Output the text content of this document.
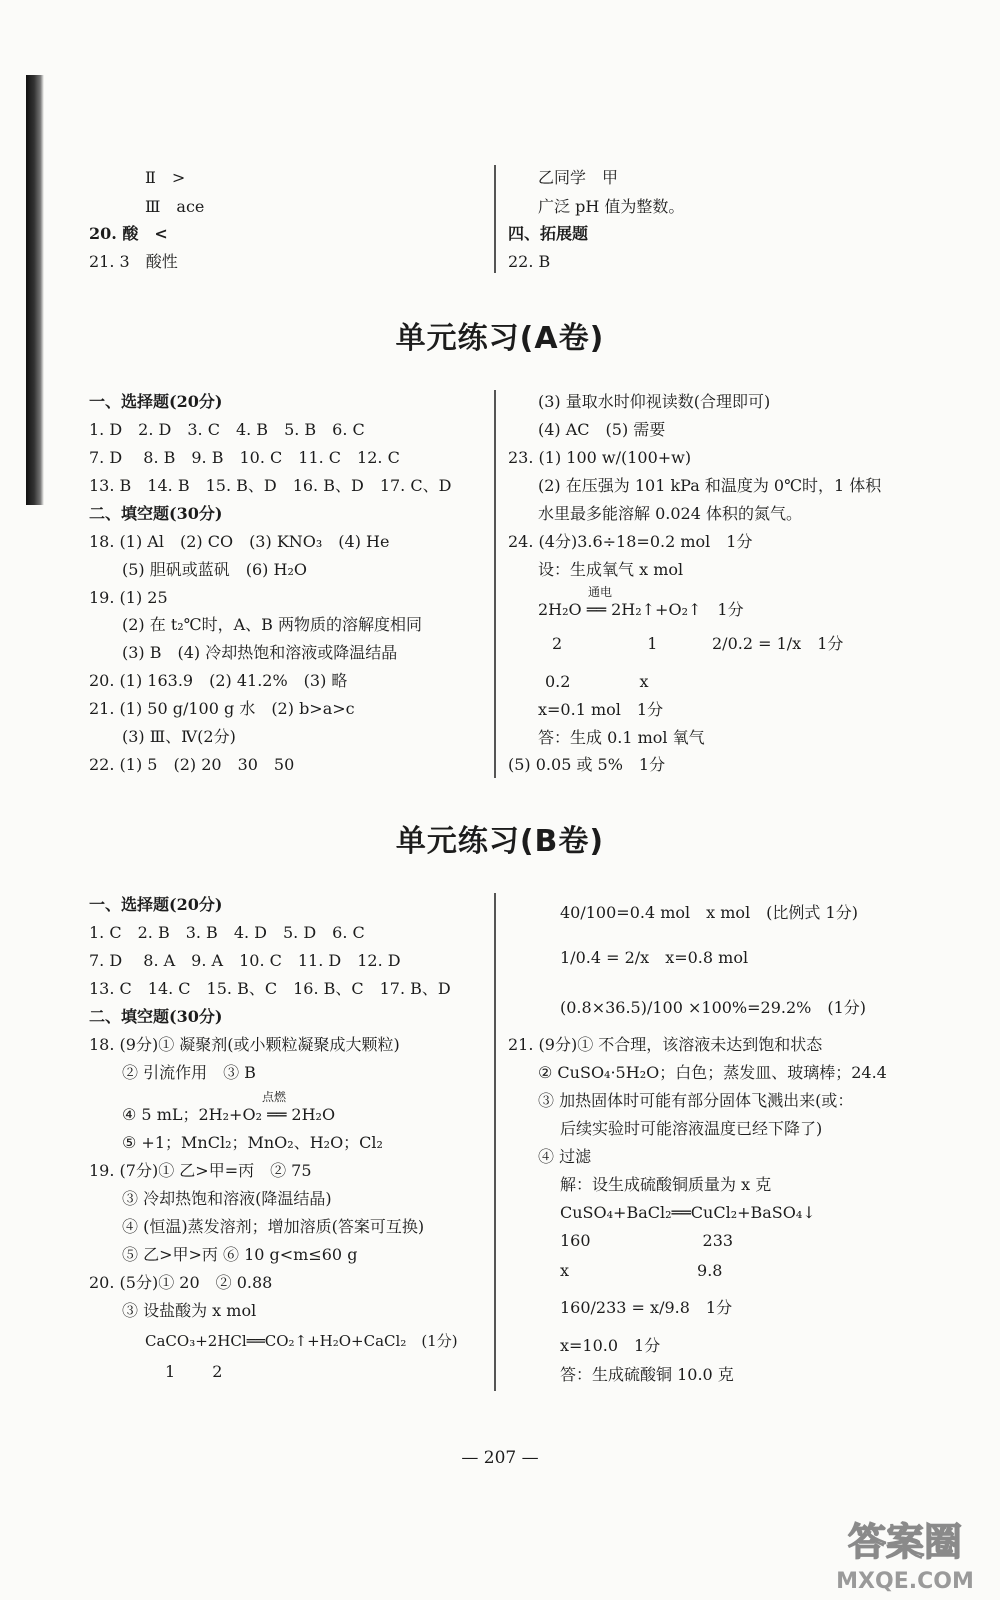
Ⅱ　>
Ⅲ　ace
20. 酸　<
21. 3　酸性
乙同学　甲
广泛 pH 值为整数。
四、拓展题
22. B
单元练习(A卷)
一、选择题(20分)
1. D　2. D　3. C　4. B　5. B　6. C
7. D　 8. B　9. B　10. C　11. C　12. C
13. B　14. B　15. B、D　16. B、D　17. C、D
二、填空题(30分)
18. (1) Al　(2) CO　(3) KNO₃　(4) He
(5) 胆矾或蓝矾　(6) H₂O
19. (1) 25
(2) 在 t₂℃时，A、B 两物质的溶解度相同
(3) B　(4) 冷却热饱和溶液或降温结晶
20. (1) 163.9　(2) 41.2%　(3) 略
21. (1) 50 g/100 g 水　(2) b>a>c
(3) Ⅲ、Ⅳ(2分)
22. (1) 5　(2) 20　30　50
(3) 量取水时仰视读数(合理即可)
(4) AC　(5) 需要
23. (1) 100 w/(100+w)
(2) 在压强为 101 kPa 和温度为 0℃时，1 体积
水里最多能溶解 0.024 体积的氮气。
24. (4分)3.6÷18=0.2 mol　1分
设：生成氧气 x mol
2H₂O ══ 2H₂↑+O₂↑　1分
通电
2　　　　　 1	2/0.2 = 1/x　1分
0.2　　　　 x
x=0.1 mol　1分
答：生成 0.1 mol 氧气
(5) 0.05 或 5%　1分
单元练习(B卷)
一、选择题(20分)
1. C　2. B　3. B　4. D　5. D　6. C
7. D　 8. A　9. A　10. C　11. D　12. D
13. C　14. C　15. B、C　16. B、C　17. B、D
二、填空题(30分)
18. (9分)① 凝聚剂(或小颗粒凝聚成大颗粒)
② 引流作用　③ B
④ 5 mL；2H₂+O₂ ══ 2H₂O
点燃
⑤ +1；MnCl₂；MnO₂、H₂O；Cl₂
19. (7分)① 乙>甲=丙　② 75
③ 冷却热饱和溶液(降温结晶)
④ (恒温)蒸发溶剂；增加溶质(答案可互换)
⑤ 乙>甲>丙 ⑥ 10 g<m≤60 g
20. (5分)① 20　② 0.88
③ 设盐酸为 x mol
CaCO₃+2HCl══CO₂↑+H₂O+CaCl₂　(1分)
1　　 2
40/100=0.4 mol　x mol　(比例式 1分)
1/0.4 = 2/x　x=0.8 mol
(0.8×36.5)/100 ×100%=29.2%　(1分)
21. (9分)① 不合理，该溶液未达到饱和状态
② CuSO₄·5H₂O；白色；蒸发皿、玻璃棒；24.4
③ 加热固体时可能有部分固体飞溅出来(或：
后续实验时可能溶液温度已经下降了)
④ 过滤
解：设生成硫酸铜质量为 x 克
CuSO₄+BaCl₂══CuCl₂+BaSO₄↓
160　　　　　　　233
x　　　　　　　　9.8
160/233 = x/9.8　1分
x=10.0　1分
答：生成硫酸铜 10.0 克
— 207 —
答案圈
MXQE.COM
